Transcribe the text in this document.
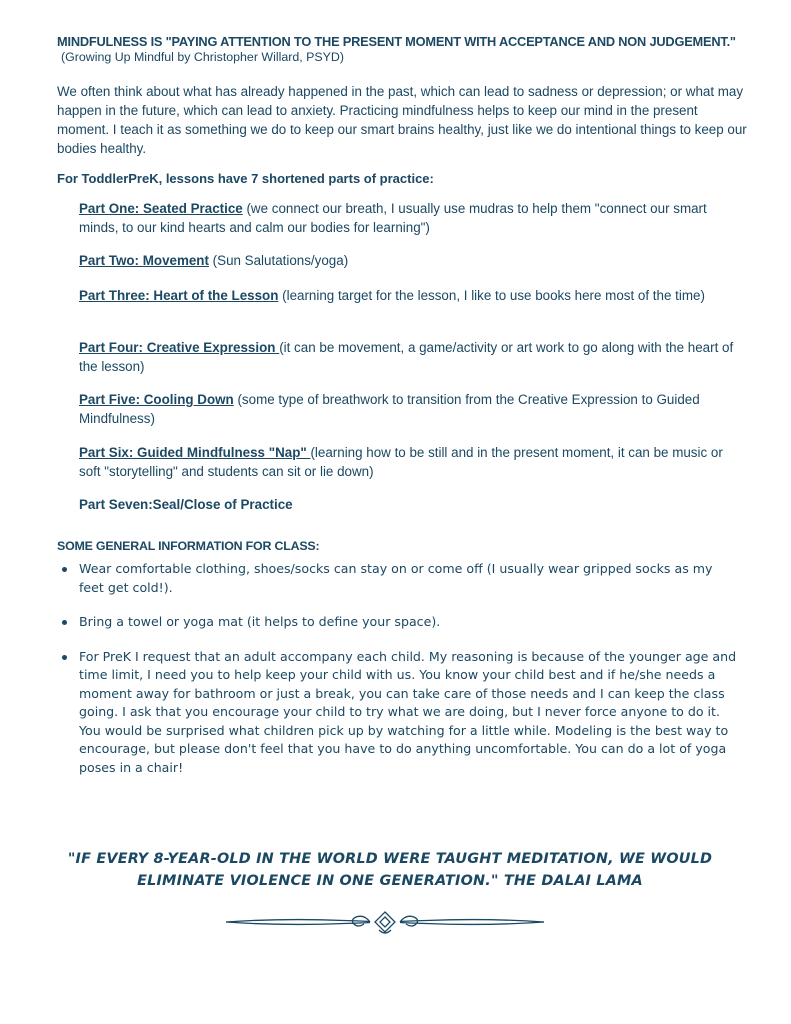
MINDFULNESS IS "PAYING ATTENTION TO THE PRESENT MOMENT WITH ACCEPTANCE AND NON JUDGEMENT."
(Growing Up Mindful by Christopher Willard, PSYD)
We often think about what has already happened in the past, which can lead to sadness or depression; or what may happen in the future, which can lead to anxiety. Practicing mindfulness helps to keep our mind in the present moment. I teach it as something we do to keep our smart brains healthy, just like we do intentional things to keep our bodies healthy.
For ToddlerPreK, lessons have 7 shortened parts of practice:
Part One: Seated Practice (we connect our breath, I usually use mudras to help them "connect our smart minds, to our kind hearts and calm our bodies for learning")
Part Two: Movement (Sun Salutations/yoga)
Part Three: Heart of the Lesson (learning target for the lesson, I like to use books here most of the time)
Part Four: Creative Expression (it can be movement, a game/activity or art work to go along with the heart of the lesson)
Part Five: Cooling Down (some type of breathwork to transition from the Creative Expression to Guided Mindfulness)
Part Six: Guided Mindfulness "Nap" (learning how to be still and in the present moment, it can be music or soft "storytelling" and students can sit or lie down)
Part Seven:Seal/Close of Practice
SOME GENERAL INFORMATION FOR CLASS:
Wear comfortable clothing, shoes/socks can stay on or come off (I usually wear gripped socks as my feet get cold!).
Bring a towel or yoga mat (it helps to define your space).
For PreK I request that an adult accompany each child. My reasoning is because of the younger age and time limit, I need you to help keep your child with us. You know your child best and if he/she needs a moment away for bathroom or just a break, you can take care of those needs and I can keep the class going. I ask that you encourage your child to try what we are doing, but I never force anyone to do it. You would be surprised what children pick up by watching for a little while. Modeling is the best way to encourage, but please don't feel that you have to do anything uncomfortable. You can do a lot of yoga poses in a chair!
"IF EVERY 8-YEAR-OLD IN THE WORLD WERE TAUGHT MEDITATION, WE WOULD ELIMINATE VIOLENCE IN ONE GENERATION." THE DALAI LAMA
